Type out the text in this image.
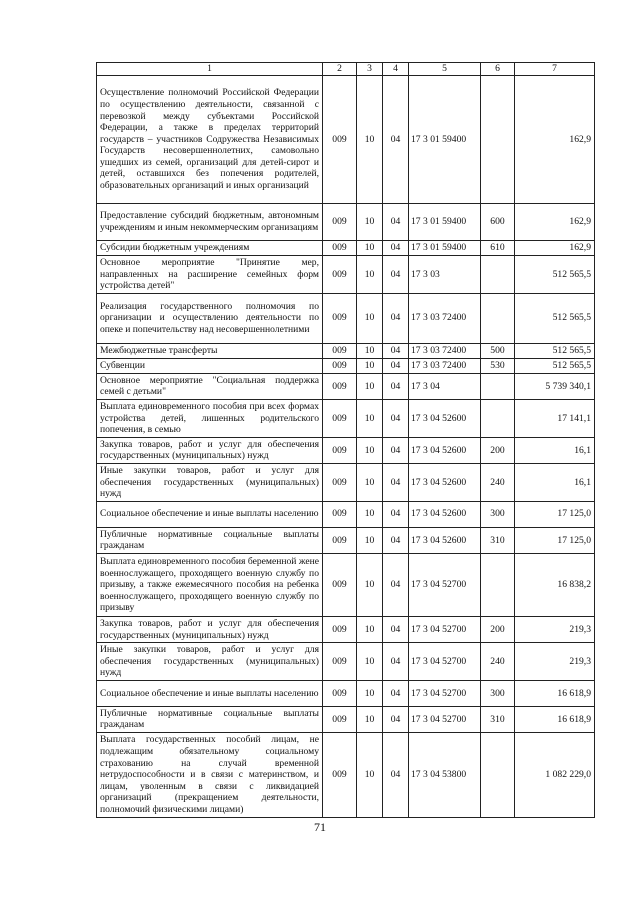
1	2	3	4	5	6	7
Осуществление полномочий Российской Федерации по осуществлению деятельности, связанной с перевозкой между субъектами Российской Федерации, а также в пределах территорий государств – участников Содружества Независимых Государств несовершеннолетних, самовольно ушедших из семей, организаций для детей-сирот и детей, оставшихся без попечения родителей, образовательных организаций и иных организаций	009	10	04	17 3 01 59400		162,9
Предоставление субсидий бюджетным, автономным учреждениям и иным некоммерческим организациям	009	10	04	17 3 01 59400	600	162,9
Субсидии бюджетным учреждениям	009	10	04	17 3 01 59400	610	162,9
Основное мероприятие "Принятие мер, направленных на расширение семейных форм устройства детей"	009	10	04	17 3 03		512 565,5
Реализация государственного полномочия по организации и осуществлению деятельности по опеке и попечительству над несовершеннолетними	009	10	04	17 3 03 72400		512 565,5
Межбюджетные трансферты	009	10	04	17 3 03 72400	500	512 565,5
Субвенции	009	10	04	17 3 03 72400	530	512 565,5
Основное мероприятие "Социальная поддержка семей с детьми"	009	10	04	17 3 04		5 739 340,1
Выплата единовременного пособия при всех формах устройства детей, лишенных родительского попечения, в семью	009	10	04	17 3 04 52600		17 141,1
Закупка товаров, работ и услуг для обеспечения государственных (муниципальных) нужд	009	10	04	17 3 04 52600	200	16,1
Иные закупки товаров, работ и услуг для обеспечения государственных (муниципальных) нужд	009	10	04	17 3 04 52600	240	16,1
Социальное обеспечение и иные выплаты населению	009	10	04	17 3 04 52600	300	17 125,0
Публичные нормативные социальные выплаты гражданам	009	10	04	17 3 04 52600	310	17 125,0
Выплата единовременного пособия беременной жене военнослужащего, проходящего военную службу по призыву, а также ежемесячного пособия на ребенка военнослужащего, проходящего военную службу по призыву	009	10	04	17 3 04 52700		16 838,2
Закупка товаров, работ и услуг для обеспечения государственных (муниципальных) нужд	009	10	04	17 3 04 52700	200	219,3
Иные закупки товаров, работ и услуг для обеспечения государственных (муниципальных) нужд	009	10	04	17 3 04 52700	240	219,3
Социальное обеспечение и иные выплаты населению	009	10	04	17 3 04 52700	300	16 618,9
Публичные нормативные социальные выплаты гражданам	009	10	04	17 3 04 52700	310	16 618,9
Выплата государственных пособий лицам, не подлежащим обязательному социальному страхованию на случай временной нетрудоспособности и в связи с материнством, и лицам, уволенным в связи с ликвидацией организаций (прекращением деятельности, полномочий физическими лицами)	009	10	04	17 3 04 53800		1 082 229,0
71
